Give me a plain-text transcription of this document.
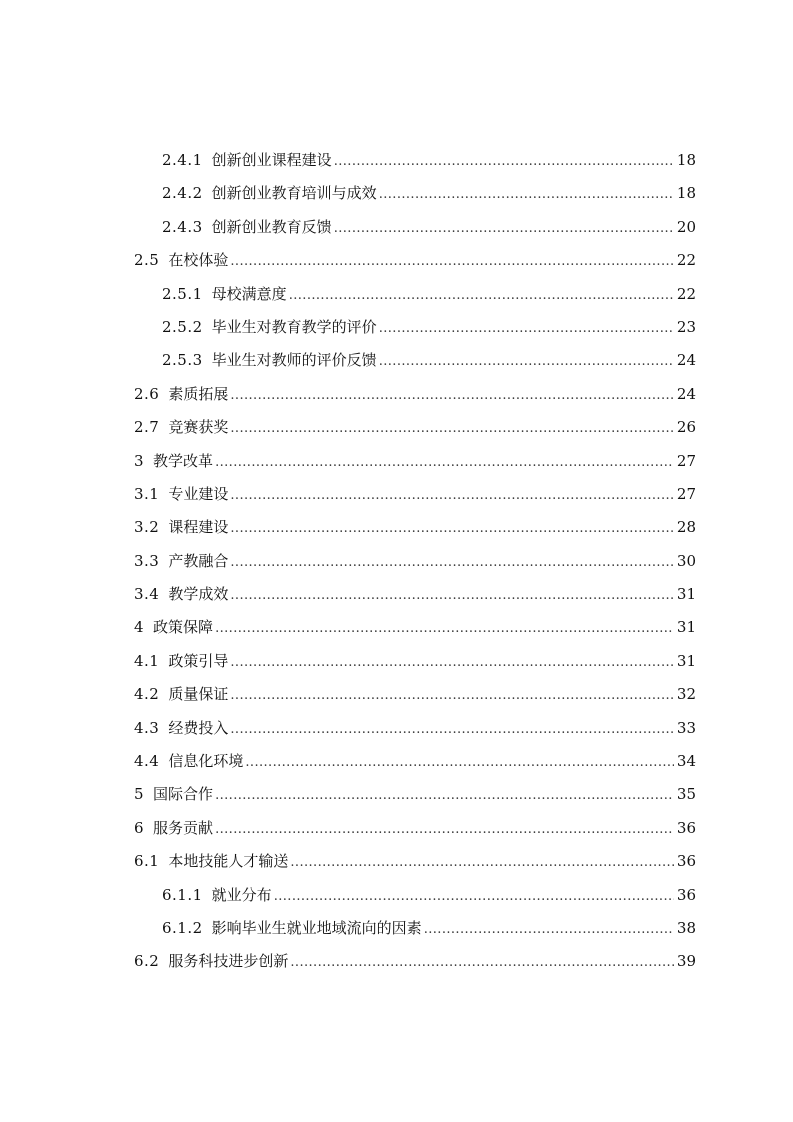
2.4.1 创新创业课程建设 .....	18
2.4.2 创新创业教育培训与成效 .....	18
2.4.3 创新创业教育反馈 .....	20
2.5 在校体验 .....	22
2.5.1 母校满意度 .....	22
2.5.2 毕业生对教育教学的评价 .....	23
2.5.3 毕业生对教师的评价反馈 .....	24
2.6 素质拓展 .....	24
2.7 竞赛获奖 .....	26
3 教学改革 .....	27
3.1 专业建设 .....	27
3.2 课程建设 .....	28
3.3 产教融合 .....	30
3.4 教学成效 .....	31
4 政策保障 .....	31
4.1 政策引导 .....	31
4.2 质量保证 .....	32
4.3 经费投入 .....	33
4.4 信息化环境 .....	34
5 国际合作 .....	35
6 服务贡献 .....	36
6.1 本地技能人才输送 .....	36
6.1.1 就业分布 .....	36
6.1.2 影响毕业生就业地域流向的因素 .....	38
6.2 服务科技进步创新 .....	39
